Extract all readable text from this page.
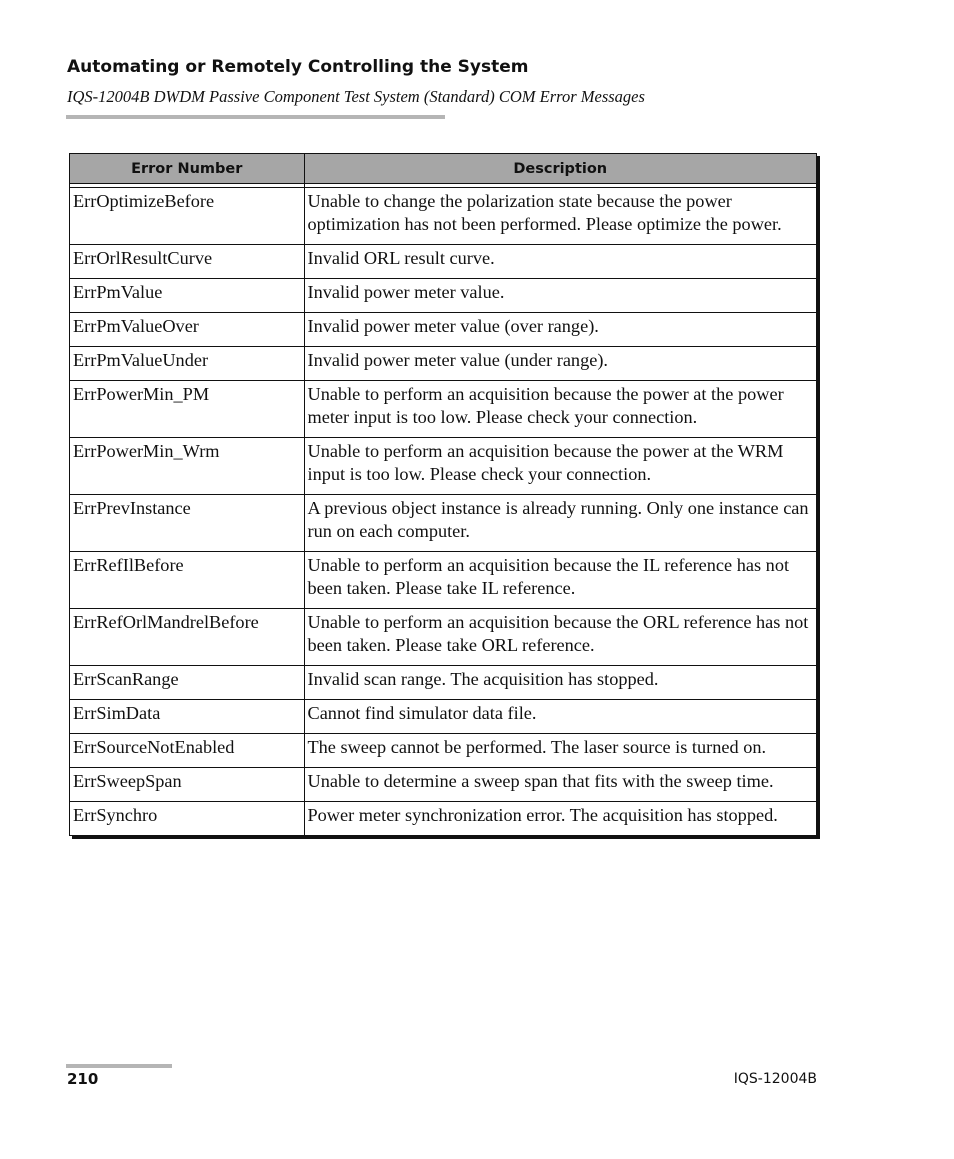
Automating or Remotely Controlling the System
IQS-12004B DWDM Passive Component Test System (Standard) COM Error Messages
Error Number	Description

ErrOptimizeBefore	Unable to change the polarization state because the power optimization has not been performed. Please optimize the power.
ErrOrlResultCurve	Invalid ORL result curve.
ErrPmValue	Invalid power meter value.
ErrPmValueOver	Invalid power meter value (over range).
ErrPmValueUnder	Invalid power meter value (under range).
ErrPowerMin_PM	Unable to perform an acquisition because the power at the power meter input is too low. Please check your connection.
ErrPowerMin_Wrm	Unable to perform an acquisition because the power at the WRM input is too low. Please check your connection.
ErrPrevInstance	A previous object instance is already running. Only one instance can run on each computer.
ErrRefIlBefore	Unable to perform an acquisition because the IL reference has not been taken. Please take IL reference.
ErrRefOrlMandrelBefore	Unable to perform an acquisition because the ORL reference has not been taken. Please take ORL reference.
ErrScanRange	Invalid scan range. The acquisition has stopped.
ErrSimData	Cannot find simulator data file.
ErrSourceNotEnabled	The sweep cannot be performed. The laser source is turned on.
ErrSweepSpan	Unable to determine a sweep span that fits with the sweep time.
ErrSynchro	Power meter synchronization error. The acquisition has stopped.
210	IQS-12004B
